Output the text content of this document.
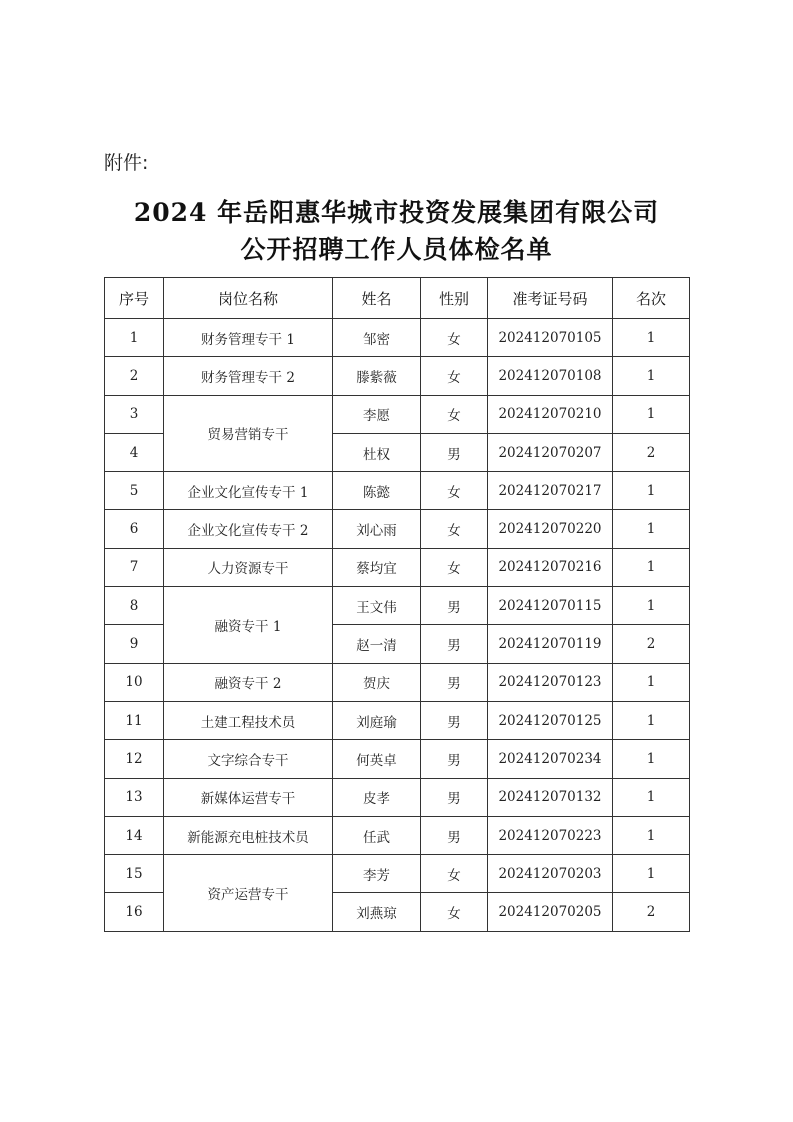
附件:
2024 年岳阳惠华城市投资发展集团有限公司
公开招聘工作人员体检名单
序号	岗位名称	姓名	性别	准考证号码	名次
1	财务管理专干 1	邹密	女	202412070105	1
2	财务管理专干 2	滕紫薇	女	202412070108	1
3	贸易营销专干	李愿	女	202412070210	1
4		杜权	男	202412070207	2
5	企业文化宣传专干 1	陈懿	女	202412070217	1
6	企业文化宣传专干 2	刘心雨	女	202412070220	1
7	人力资源专干	蔡均宜	女	202412070216	1
8	融资专干 1	王文伟	男	202412070115	1
9		赵一清	男	202412070119	2
10	融资专干 2	贺庆	男	202412070123	1
11	土建工程技术员	刘庭瑜	男	202412070125	1
12	文字综合专干	何英卓	男	202412070234	1
13	新媒体运营专干	皮孝	男	202412070132	1
14	新能源充电桩技术员	任武	男	202412070223	1
15	资产运营专干	李芳	女	202412070203	1
16		刘燕琼	女	202412070205	2
